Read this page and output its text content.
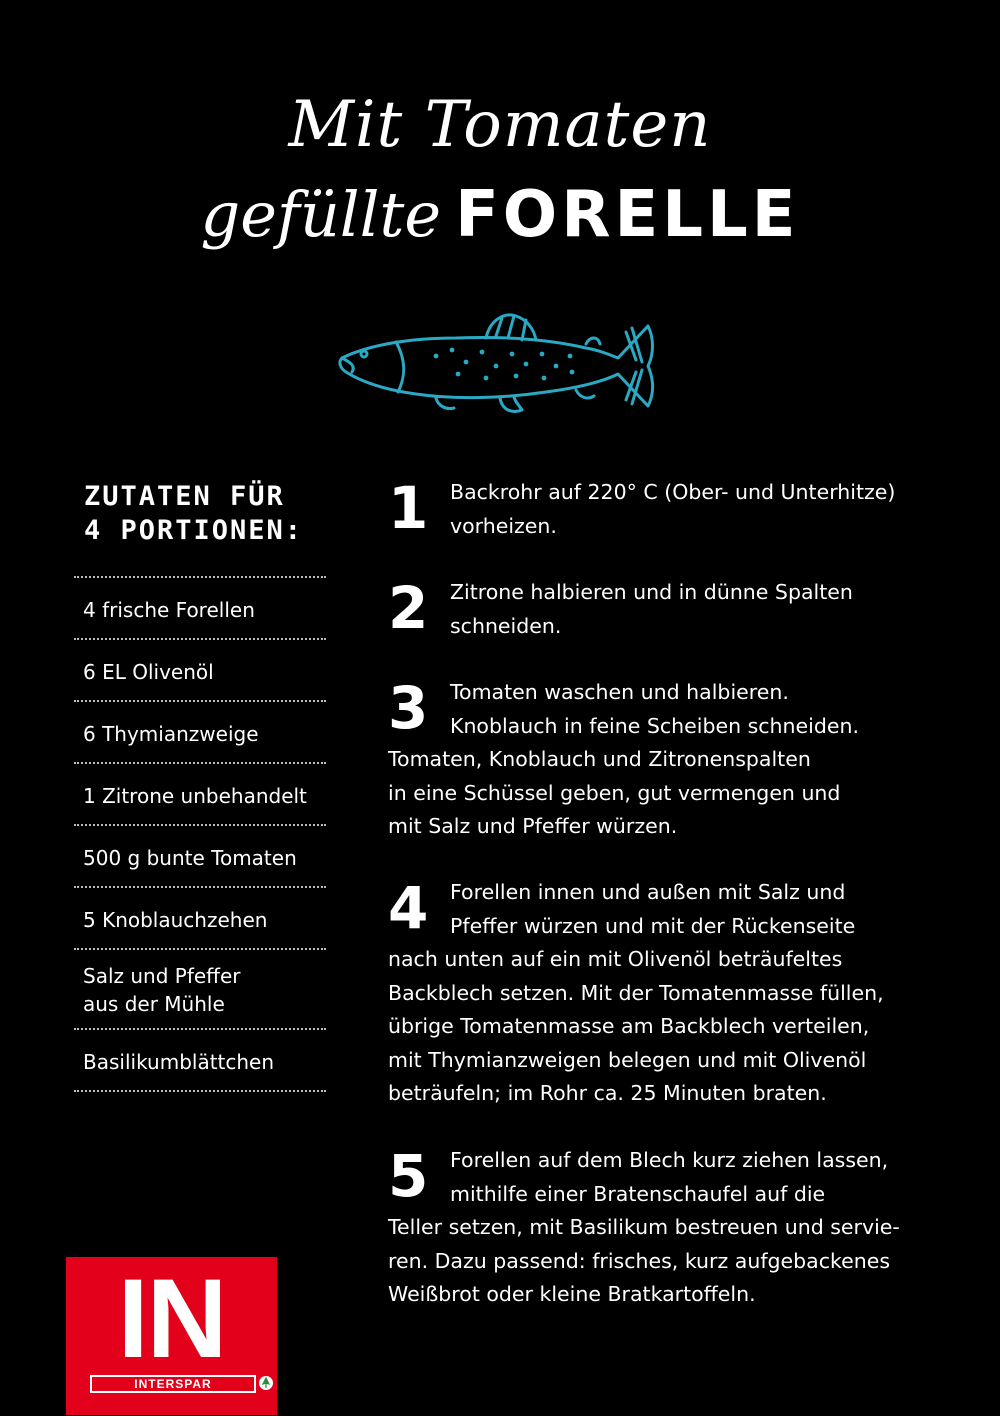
Mit Tomaten
gefüllte FORELLE
ZUTATEN FÜR
4 PORTIONEN:
4 frische Forellen
6 EL Olivenöl
6 Thymianzweige
1 Zitrone unbehandelt
500 g bunte Tomaten
5 Knoblauchzehen
Salz und Pfeffer
aus der Mühle
Basilikumblättchen
1	Backrohr auf 220° C (Ober- und Unterhitze)
vorheizen.
2	Zitrone halbieren und in dünne Spalten
schneiden.
3	Tomaten waschen und halbieren.
Knoblauch in feine Scheiben schneiden.
Tomaten, Knoblauch und Zitronenspalten
in eine Schüssel geben, gut vermengen und
mit Salz und Pfeffer würzen.
4	Forellen innen und außen mit Salz und
Pfeffer würzen und mit der Rückenseite
nach unten auf ein mit Olivenöl beträufeltes
Backblech setzen. Mit der Tomatenmasse füllen,
übrige Tomatenmasse am Backblech verteilen,
mit Thymianzweigen belegen und mit Olivenöl
beträufeln; im Rohr ca. 25 Minuten braten.
5	Forellen auf dem Blech kurz ziehen lassen,
mithilfe einer Bratenschaufel auf die
Teller setzen, mit Basilikum bestreuen und servie-
ren. Dazu passend: frisches, kurz aufgebackenes
Weißbrot oder kleine Bratkartoffeln.
IN
INTERSPAR
